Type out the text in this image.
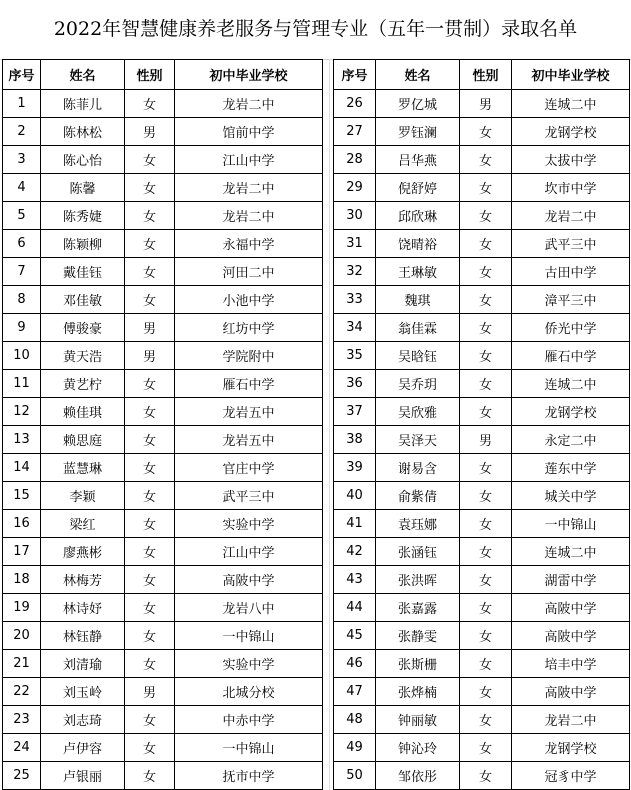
2022年智慧健康养老服务与管理专业（五年一贯制）录取名单
序号	姓名	性别	初中毕业学校
1	陈菲儿	女	龙岩二中
2	陈林松	男	馆前中学
3	陈心怡	女	江山中学
4	陈馨	女	龙岩二中
5	陈秀婕	女	龙岩二中
6	陈颖柳	女	永福中学
7	戴佳钰	女	河田二中
8	邓佳敏	女	小池中学
9	傅骏豪	男	红坊中学
10	黄天浩	男	学院附中
11	黄艺柠	女	雁石中学
12	赖佳琪	女	龙岩五中
13	赖思庭	女	龙岩五中
14	蓝慧琳	女	官庄中学
15	李颖	女	武平三中
16	梁红	女	实验中学
17	廖燕彬	女	江山中学
18	林梅芳	女	高陂中学
19	林诗妤	女	龙岩八中
20	林钰静	女	一中锦山
21	刘清瑜	女	实验中学
22	刘玉岭	男	北城分校
23	刘志琦	女	中赤中学
24	卢伊容	女	一中锦山
25	卢银丽	女	抚市中学
序号	姓名	性别	初中毕业学校
26	罗亿城	男	连城二中
27	罗钰澜	女	龙钢学校
28	吕华燕	女	太拔中学
29	倪舒婷	女	坎市中学
30	邱欣琳	女	龙岩二中
31	饶晴裕	女	武平三中
32	王琳敏	女	古田中学
33	魏琪	女	漳平三中
34	翁佳霖	女	侨光中学
35	吴晗钰	女	雁石中学
36	吴乔玥	女	连城二中
37	吴欣雅	女	龙钢学校
38	吴泽天	男	永定二中
39	谢易含	女	莲东中学
40	俞紫倩	女	城关中学
41	袁珏娜	女	一中锦山
42	张涵钰	女	连城二中
43	张洪晖	女	湖雷中学
44	张嘉露	女	高陂中学
45	张静雯	女	高陂中学
46	张斯栅	女	培丰中学
47	张烨楠	女	高陂中学
48	钟丽敏	女	龙岩二中
49	钟沁玲	女	龙钢学校
50	邹依彤	女	冠豸中学
